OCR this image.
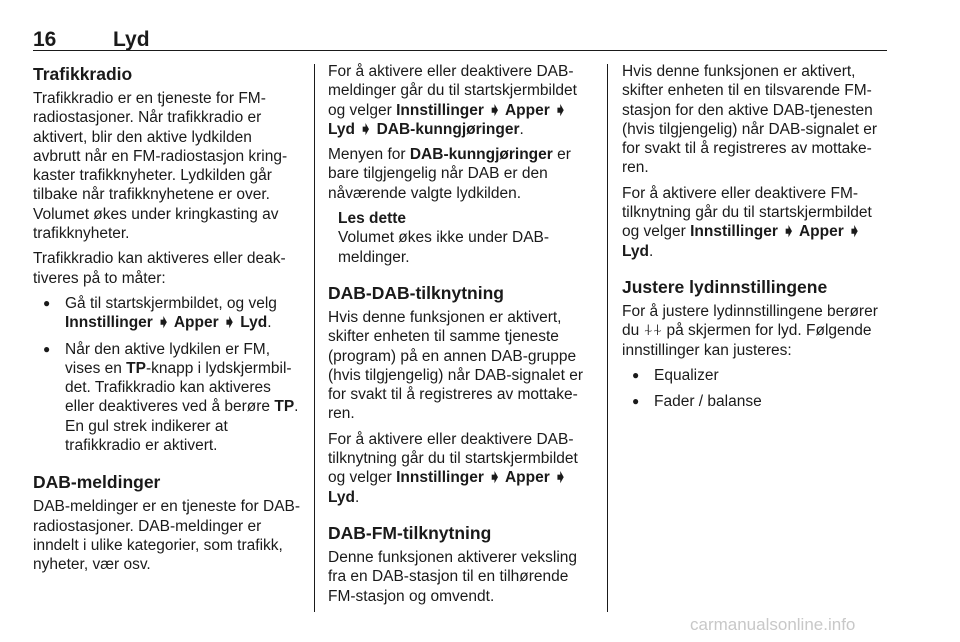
16	Lyd
Trafikkradio

Trafikkradio er en tjeneste for FM-radiostasjoner. Når trafikkradio er aktivert, blir den aktive lydkilden avbrutt når en FM-radiostasjon kring-kaster trafikknyheter. Lydkilden går tilbake når trafikknyhetene er over. Volumet økes under kringkasting av trafikknyheter.

Trafikkradio kan aktiveres eller deak-tiveres på to måter:

● Gå til startskjermbildet, og velg Innstillinger ➧ Apper ➧ Lyd.
● Når den aktive lydkilen er FM, vises en TP-knapp i lydskjermbil-det. Trafikkradio kan aktiveres eller deaktiveres ved å berøre TP. En gul strek indikerer at trafikkradio er aktivert.
DAB-meldinger

DAB-meldinger er en tjeneste for DAB-radiostasjoner. DAB-meldinger er inndelt i ulike kategorier, som trafikk, nyheter, vær osv.

For å aktivere eller deaktivere DAB-meldinger går du til startskjermbildet og velger Innstillinger ➧ Apper ➧ Lyd ➧ DAB-kunngjøringer.

Menyen for DAB-kunngjøringer er bare tilgjengelig når DAB er den nåværende valgte lydkilden.

Les dette
Volumet økes ikke under DAB-meldinger.
DAB-DAB-tilknytning

Hvis denne funksjonen er aktivert, skifter enheten til samme tjeneste (program) på en annen DAB-gruppe (hvis tilgjengelig) når DAB-signalet er for svakt til å registreres av mottake-ren.

For å aktivere eller deaktivere DAB-tilknytning går du til startskjermbildet og velger Innstillinger ➧ Apper ➧ Lyd.

DAB-FM-tilknytning

Denne funksjonen aktiverer veksling fra en DAB-stasjon til en tilhørende FM-stasjon og omvendt.

Hvis denne funksjonen er aktivert, skifter enheten til en tilsvarende FM-stasjon for den aktive DAB-tjenesten (hvis tilgjengelig) når DAB-signalet er for svakt til å registreres av mottake-ren.

For å aktivere eller deaktivere FM-tilknytning går du til startskjermbildet og velger Innstillinger ➧ Apper ➧ Lyd.

Justere lydinnstillingene

For å justere lydinnstillingene berører du ⍭⍭ på skjermen for lyd. Følgende innstillinger kan justeres:

● Equalizer
● Fader / balanse
carmanualsonline.info
